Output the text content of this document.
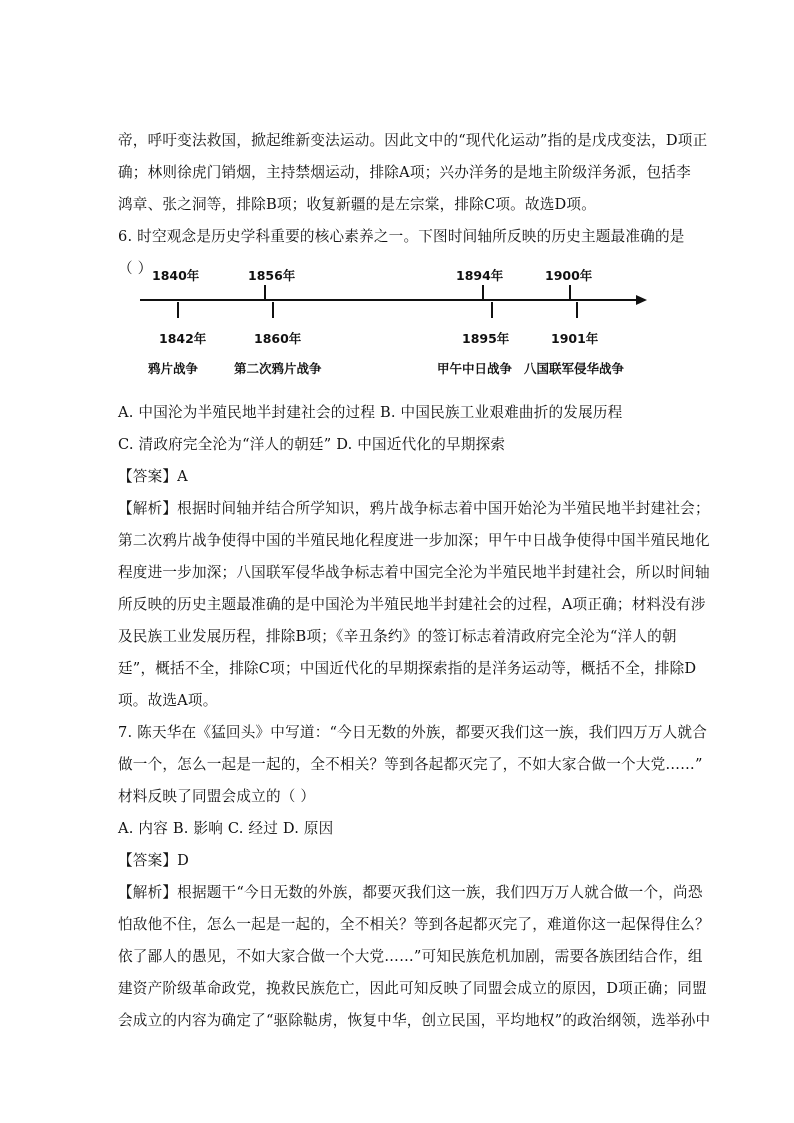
帝，呼吁变法救国，掀起维新变法运动。因此文中的“现代化运动”指的是戊戌变法，D项正
确；林则徐虎门销烟，主持禁烟运动，排除A项；兴办洋务的是地主阶级洋务派，包括李
鸿章、张之洞等，排除B项；收复新疆的是左宗棠，排除C项。故选D项。
6. 时空观念是历史学科重要的核心素养之一。下图时间轴所反映的历史主题最准确的是
（ ） 1840年	1856年	1894年	1900年
1842年	1860年	1895年	1901年
鸦片战争	第二次鸦片战争	甲午中日战争 八国联军侵华战争
A. 中国沦为半殖民地半封建社会的过程 B. 中国民族工业艰难曲折的发展历程
C. 清政府完全沦为“洋人的朝廷” D. 中国近代化的早期探索
【答案】A
【解析】根据时间轴并结合所学知识，鸦片战争标志着中国开始沦为半殖民地半封建社会；
第二次鸦片战争使得中国的半殖民地化程度进一步加深；甲午中日战争使得中国半殖民地化
程度进一步加深；八国联军侵华战争标志着中国完全沦为半殖民地半封建社会，所以时间轴
所反映的历史主题最准确的是中国沦为半殖民地半封建社会的过程，A项正确；材料没有涉
及民族工业发展历程，排除B项；《辛丑条约》的签订标志着清政府完全沦为“洋人的朝
廷”，概括不全，排除C项；中国近代化的早期探索指的是洋务运动等，概括不全，排除D
项。故选A项。
7. 陈天华在《猛回头》中写道：“今日无数的外族，都要灭我们这一族，我们四万万人就合
做一个，怎么一起是一起的，全不相关？等到各起都灭完了，不如大家合做一个大党……”
材料反映了同盟会成立的（ ）
A. 内容 B. 影响 C. 经过 D. 原因
【答案】D
【解析】根据题干“今日无数的外族，都要灭我们这一族，我们四万万人就合做一个，尚恐
怕敌他不住，怎么一起是一起的，全不相关？等到各起都灭完了，难道你这一起保得住么？
依了鄙人的愚见，不如大家合做一个大党……”可知民族危机加剧，需要各族团结合作，组
建资产阶级革命政党，挽救民族危亡，因此可知反映了同盟会成立的原因，D项正确；同盟
会成立的内容为确定了“驱除鞑虏，恢复中华，创立民国，平均地权”的政治纲领，选举孙中
